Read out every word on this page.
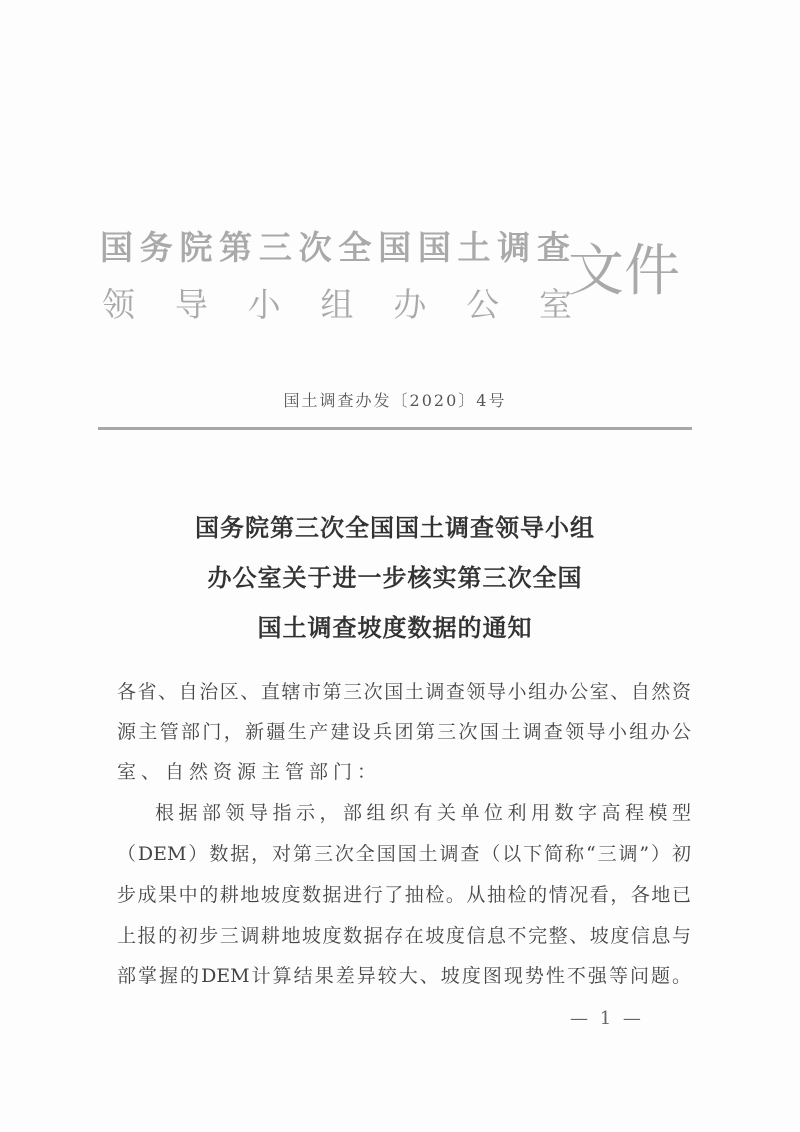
国务院第三次全国国土调查
领导小组办公室
文件
国土调查办发〔2020〕4号
国务院第三次全国国土调查领导小组
办公室关于进一步核实第三次全国
国土调查坡度数据的通知
各省、自治区、直辖市第三次国土调查领导小组办公室、自然资
源主管部门，新疆生产建设兵团第三次国土调查领导小组办公
室、自然资源主管部门：
根据部领导指示，部组织有关单位利用数字高程模型
（DEM）数据，对第三次全国国土调查（以下简称“三调”）初
步成果中的耕地坡度数据进行了抽检。从抽检的情况看，各地已
上报的初步三调耕地坡度数据存在坡度信息不完整、坡度信息与
部掌握的DEM计算结果差异较大、坡度图现势性不强等问题。
— 1 —
